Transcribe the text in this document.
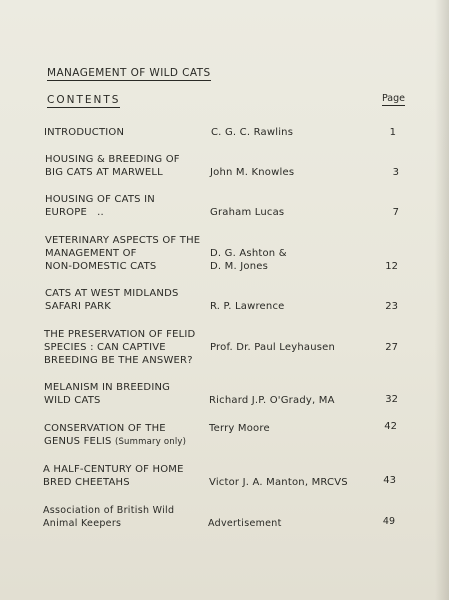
MANAGEMENT OF WILD CATS
CONTENTS	Page
INTRODUCTION	C. G. C. Rawlins	1
HOUSING & BREEDING OF
BIG CATS AT MARWELL	John M. Knowles	3
HOUSING OF CATS IN
EUROPE   ..	Graham Lucas	7
VETERINARY ASPECTS OF THE
MANAGEMENT OF
NON-DOMESTIC CATS
D. G. Ashton &
D. M. Jones	12
CATS AT WEST MIDLANDS
SAFARI PARK	R. P. Lawrence	23
THE PRESERVATION OF FELID
SPECIES : CAN CAPTIVE
BREEDING BE THE ANSWER?
Prof. Dr. Paul Leyhausen	27
MELANISM IN BREEDING
WILD CATS	Richard J.P. O'Grady, MA	32
CONSERVATION OF THE
GENUS FELIS (Summary only)
Terry Moore	42
A HALF-CENTURY OF HOME
BRED CHEETAHS	Victor J. A. Manton, MRCVS	43
Association of British Wild
Animal Keepers	Advertisement	49
